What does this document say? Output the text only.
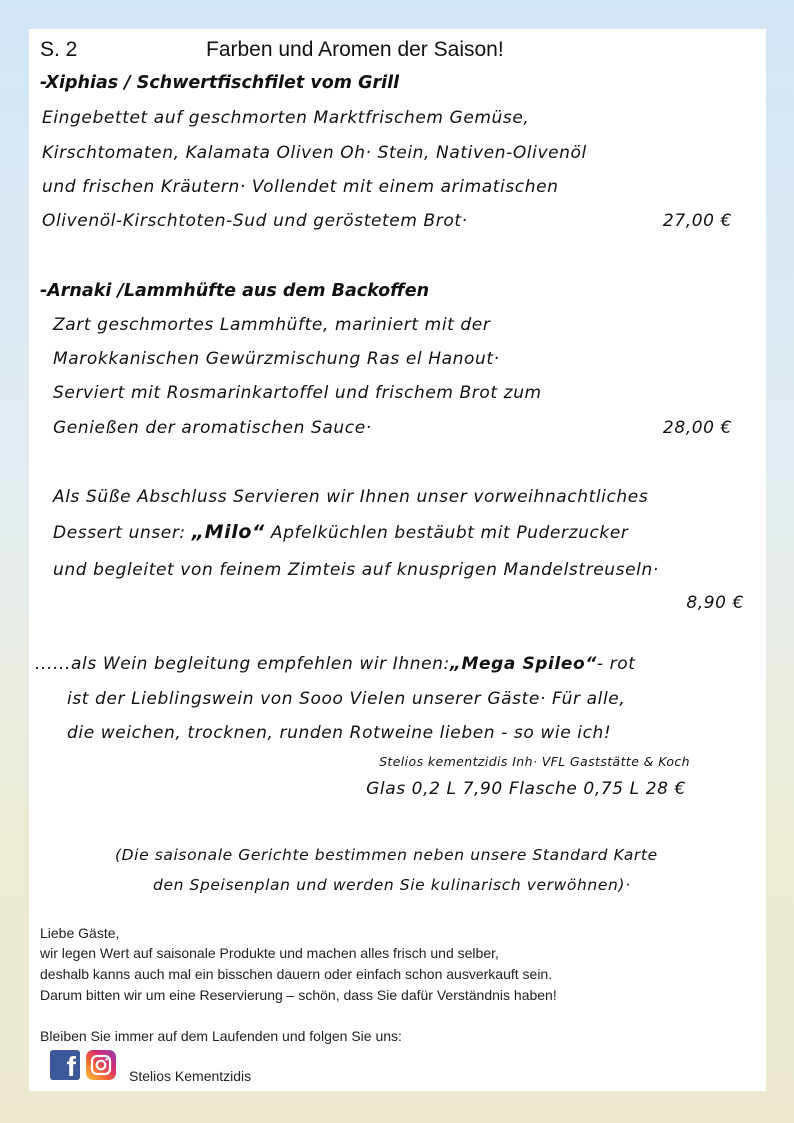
S. 2	Farben und Aromen der Saison!
-Xiphias / Schwertfischfilet vom Grill
Eingebettet auf geschmorten Marktfrischem Gemüse,
Kirschtomaten, Kalamata Oliven Oh· Stein, Nativen-Olivenöl
und frischen Kräutern· Vollendet mit einem arimatischen
Olivenöl-Kirschtoten-Sud und geröstetem Brot·	27,00 €
-Arnaki /Lammhüfte aus dem Backoffen
Zart geschmortes Lammhüfte, mariniert mit der
Marokkanischen Gewürzmischung Ras el Hanout·
Serviert mit Rosmarinkartoffel und frischem Brot zum
Genießen der aromatischen Sauce·	28,00 €
Als Süße Abschluss Servieren wir Ihnen unser vorweihnachtliches
Dessert unser: „Milo“ Apfelküchlen bestäubt mit Puderzucker
und begleitet von feinem Zimteis auf knusprigen Mandelstreuseln·
8,90 €
......als Wein begleitung empfehlen wir Ihnen:„Mega Spileo“- rot
ist der Lieblingswein von Sooo Vielen unserer Gäste· Für alle,
die weichen, trocknen, runden Rotweine lieben - so wie ich!
Stelios kementzidis Inh· VFL Gaststätte & Koch
Glas 0,2 L 7,90 Flasche 0,75 L 28 €
(Die saisonale Gerichte bestimmen neben unsere Standard Karte
den Speisenplan und werden Sie kulinarisch verwöhnen)·
Liebe Gäste,
wir legen Wert auf saisonale Produkte und machen alles frisch und selber,
deshalb kanns auch mal ein bisschen dauern oder einfach schon ausverkauft sein.
Darum bitten wir um eine Reservierung – schön, dass Sie dafür Verständnis haben!
Bleiben Sie immer auf dem Laufenden und folgen Sie uns:
f	Stelios Kementzidis
